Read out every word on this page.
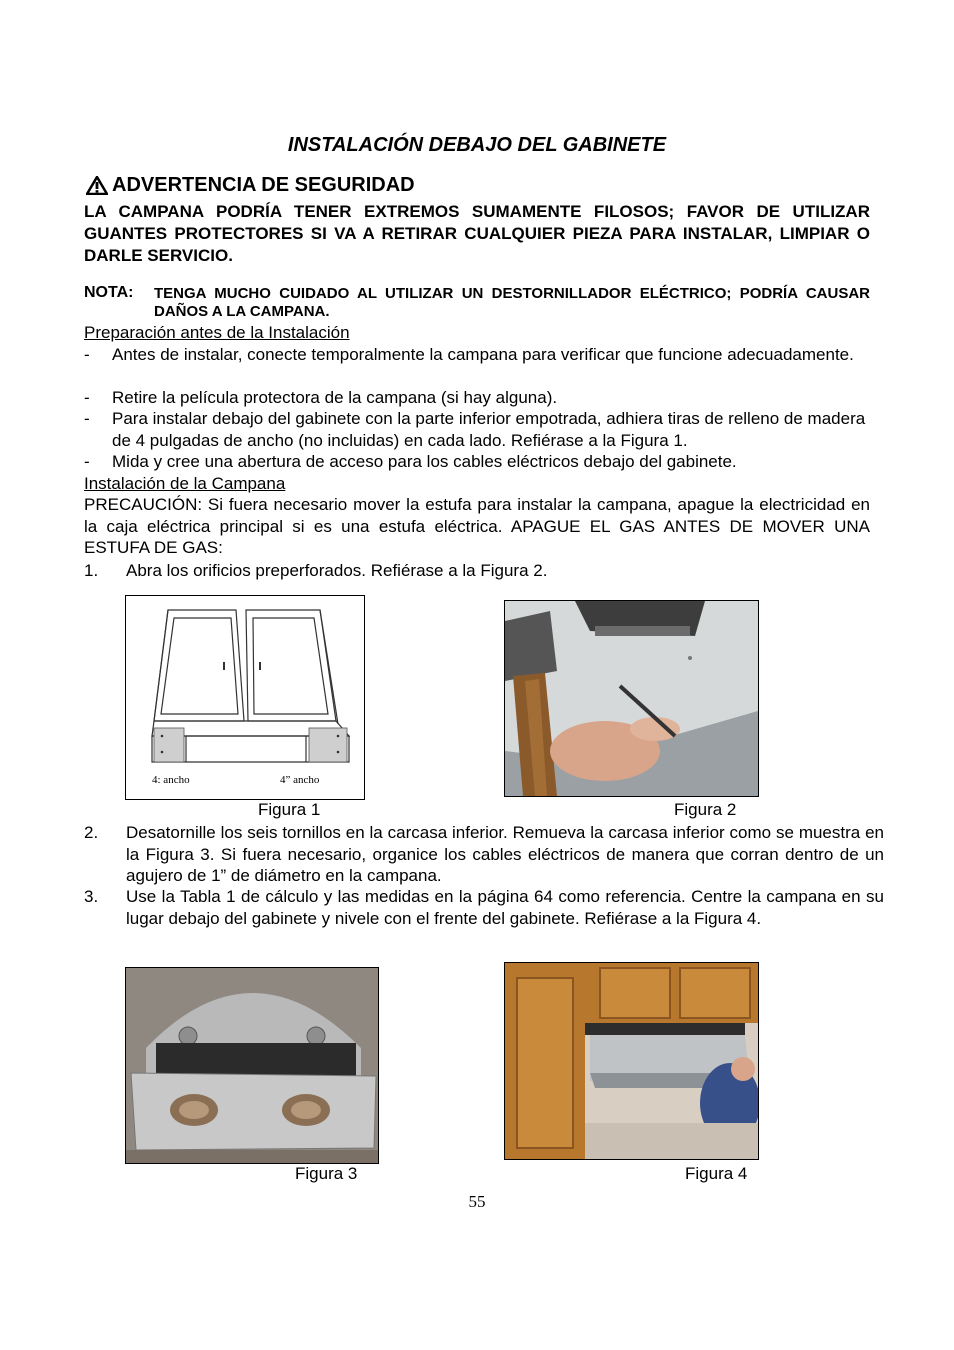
INSTALACIÓN DEBAJO DEL GABINETE
ADVERTENCIA DE SEGURIDAD
LA CAMPANA PODRÍA TENER EXTREMOS SUMAMENTE FILOSOS; FAVOR DE UTILIZAR GUANTES PROTECTORES SI VA A RETIRAR CUALQUIER PIEZA PARA INSTALAR, LIMPIAR O DARLE SERVICIO.
NOTA: TENGA MUCHO CUIDADO AL UTILIZAR UN DESTORNILLADOR ELÉCTRICO; PODRÍA CAUSAR DAÑOS A LA CAMPANA.
Preparación antes de la Instalación
- Antes de instalar, conecte temporalmente la campana para verificar que funcione adecuadamente.
- Retire la película protectora de la campana (si hay alguna).
- Para instalar debajo del gabinete con la parte inferior empotrada, adhiera tiras de relleno de madera de 4 pulgadas de ancho (no incluidas) en cada lado. Refiérase a la Figura 1.
- Mida y cree una abertura de acceso para los cables eléctricos debajo del gabinete.
Instalación de la Campana
PRECAUCIÓN: Si fuera necesario mover la estufa para instalar la campana, apague la electricidad en la caja eléctrica principal si es una estufa eléctrica. APAGUE EL GAS ANTES DE MOVER UNA ESTUFA DE GAS:
1. Abra los orificios preperforados. Refiérase a la Figura 2.
4: ancho	4” ancho
Figura 1	Figura 2
2. Desatornille los seis tornillos en la carcasa inferior. Remueva la carcasa inferior como se muestra en la Figura 3. Si fuera necesario, organice los cables eléctricos de manera que corran dentro de un agujero de 1” de diámetro en la campana.
3. Use la Tabla 1 de cálculo y las medidas en la página 64 como referencia. Centre la campana en su lugar debajo del gabinete y nivele con el frente del gabinete. Refiérase a la Figura 4.
Figura 3	Figura 4
55
